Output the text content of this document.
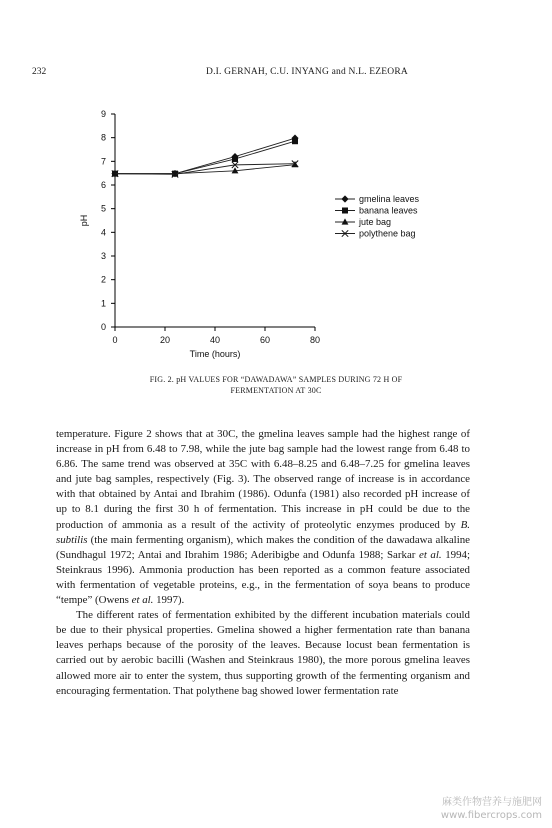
232	D.I. GERNAH, C.U. INYANG and N.L. EZEORA
0
1
2
3
4
5
6
7
8
9
0	20	40	60	80
Time (hours)
pH
gmelina leaves
banana leaves
jute bag
polythene bag
FIG. 2. pH VALUES FOR “DAWADAWA” SAMPLES DURING 72 H OF
FERMENTATION AT 30C

temperature. Figure 2 shows that at 30C, the gmelina leaves sample had the highest range of increase in pH from 6.48 to 7.98, while the jute bag sample had the lowest range from 6.48 to 6.86. The same trend was observed at 35C with 6.48–8.25 and 6.48–7.25 for gmelina leaves and jute bag samples, respectively (Fig. 3). The observed range of increase is in accordance with that obtained by Antai and Ibrahim (1986). Odunfa (1981) also recorded pH increase of up to 8.1 during the first 30 h of fermentation. This increase in pH could be due to the production of ammonia as a result of the activity of proteolytic enzymes produced by B. subtilis (the main fermenting organism), which makes the condition of the dawadawa alkaline (Sundhagul 1972; Antai and Ibrahim 1986; Aderibigbe and Odunfa 1988; Sarkar et al. 1994; Steinkraus 1996). Ammonia production has been reported as a common feature associated with fermentation of vegetable proteins, e.g., in the fermentation of soya beans to produce “tempe” (Owens et al. 1997).

The different rates of fermentation exhibited by the different incubation materials could be due to their physical properties. Gmelina showed a higher fermentation rate than banana leaves perhaps because of the porosity of the leaves. Because locust bean fermentation is carried out by aerobic bacilli (Washen and Steinkraus 1980), the more porous gmelina leaves allowed more air to enter the system, thus supporting growth of the fermenting organism and encouraging fermentation. That polythene bag showed lower fermentation rate

麻类作物营养与施肥网
www.fibercrops.com
